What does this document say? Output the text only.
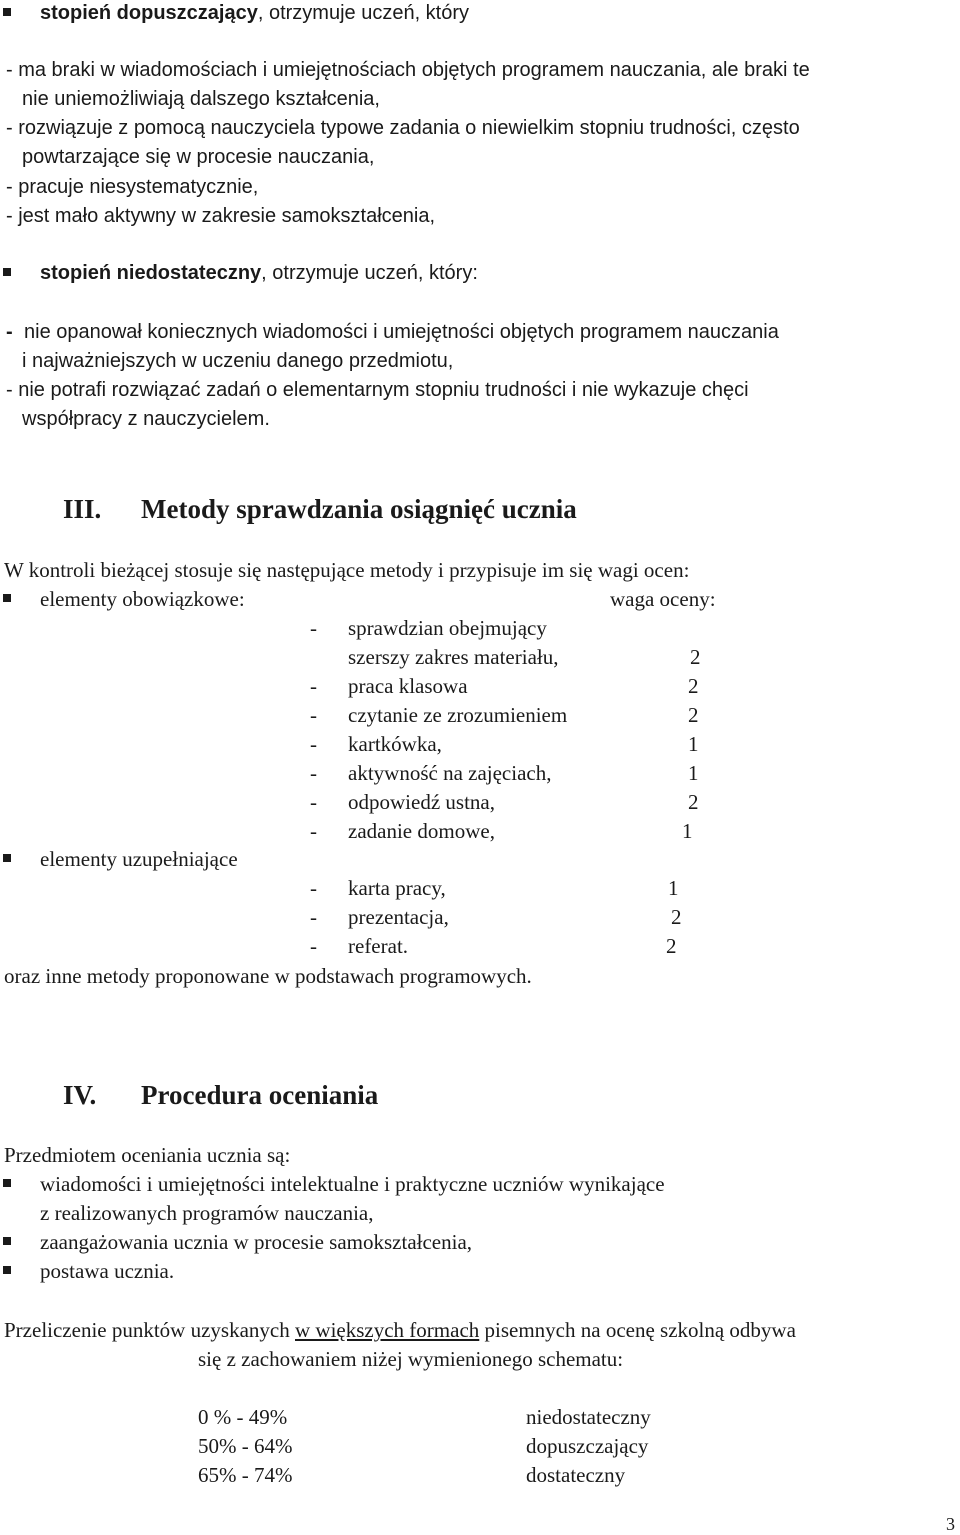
stopień dopuszczający, otrzymuje uczeń, który
- ma braki w wiadomościach i umiejętnościach objętych programem nauczania, ale braki te
nie uniemożliwiają dalszego kształcenia,
- rozwiązuje z pomocą nauczyciela typowe zadania o niewielkim stopniu trudności, często
powtarzające się w procesie nauczania,
- pracuje niesystematycznie,
- jest mało aktywny w zakresie samokształcenia,
stopień niedostateczny, otrzymuje uczeń, który:
- nie opanował koniecznych wiadomości i umiejętności objętych programem nauczania
i najważniejszych w uczeniu danego przedmiotu,
- nie potrafi rozwiązać zadań o elementarnym stopniu trudności i nie wykazuje chęci
współpracy z nauczycielem.
III. Metody sprawdzania osiągnięć ucznia
W kontroli bieżącej stosuje się następujące metody i przypisuje im się wagi ocen:
elementy obowiązkowe:	waga oceny:
- sprawdzian obejmujący
szerszy zakres materiału,	2
- praca klasowa	2
- czytanie ze zrozumieniem	2
- kartkówka,	1
- aktywność na zajęciach,	1
- odpowiedź ustna,	2
- zadanie domowe,	1
elementy uzupełniające
- karta pracy,	1
- prezentacja,	2
- referat.	2
oraz inne metody proponowane w podstawach programowych.
IV. Procedura oceniania
Przedmiotem oceniania ucznia są:
wiadomości i umiejętności intelektualne i praktyczne uczniów wynikające
z realizowanych programów nauczania,
zaangażowania ucznia w procesie samokształcenia,
postawa ucznia.
Przeliczenie punktów uzyskanych w większych formach pisemnych na ocenę szkolną odbywa
się z zachowaniem niżej wymienionego schematu:
0 % - 49%	niedostateczny
50% - 64%	dopuszczający
65% - 74%	dostateczny
3
